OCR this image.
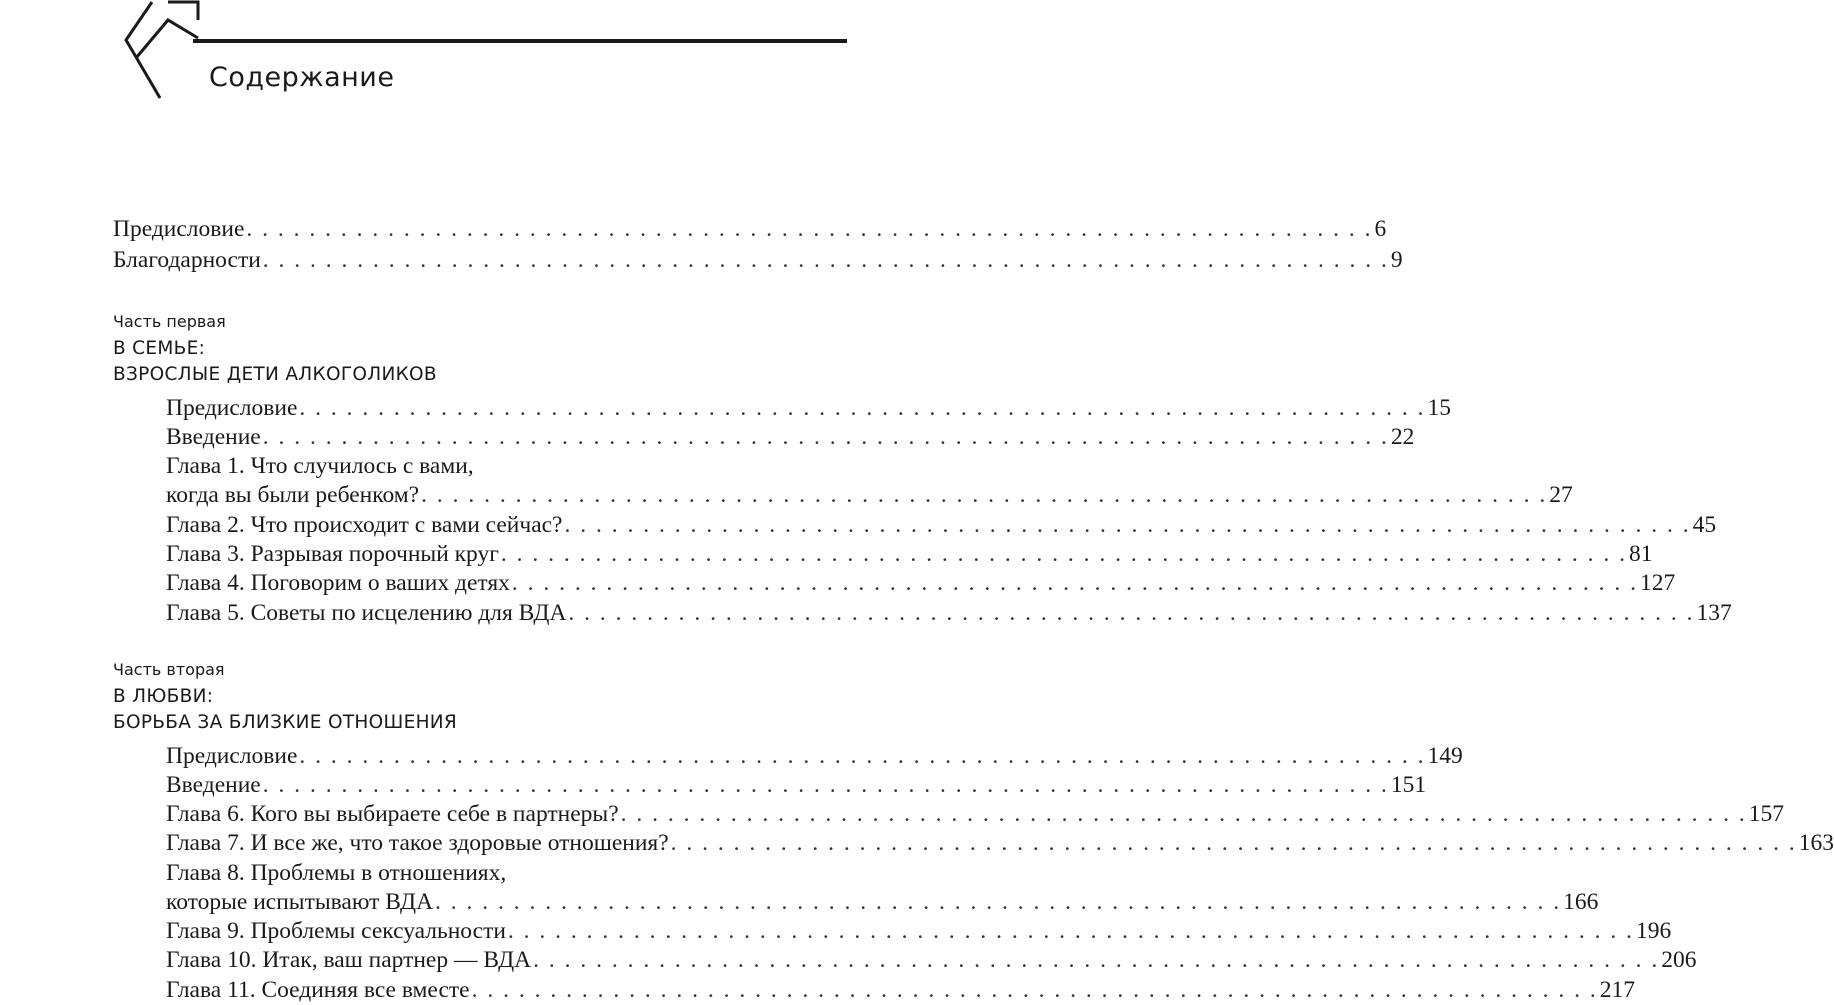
Содержание
Предисловие . . . . . . . . . . . . . . . . . . . . . . . . . . . . . . . . . . . . . . . . . . . . . . . . . . . . . . . . . . . . . . . . . . . . . . . . 6
Благодарности . . . . . . . . . . . . . . . . . . . . . . . . . . . . . . . . . . . . . . . . . . . . . . . . . . . . . . . . . . . . . . . . . . . . . . . . 9
Часть первая
В СЕМЬЕ:
ВЗРОСЛЫЕ ДЕТИ АЛКОГОЛИКОВ
Предисловие . . . . . . . . . . . . . . . . . . . . . . . . . . . . . . . . . . . . . . . . . . . . . . . . . . . . . . . . . . . . . . . . . . . . . . . . 15
Введение . . . . . . . . . . . . . . . . . . . . . . . . . . . . . . . . . . . . . . . . . . . . . . . . . . . . . . . . . . . . . . . . . . . . . . . . 22
Глава 1. Что случилось с вами,
когда вы были ребенком? . . . . . . . . . . . . . . . . . . . . . . . . . . . . . . . . . . . . . . . . . . . . . . . . . . . . . . . . . . . . . . . . . . . . . . . . 27
Глава 2. Что происходит с вами сейчас? . . . . . . . . . . . . . . . . . . . . . . . . . . . . . . . . . . . . . . . . . . . . . . . . . . . . . . . . . . . . . . . . . . . . . . . . 45
Глава 3. Разрывая порочный круг . . . . . . . . . . . . . . . . . . . . . . . . . . . . . . . . . . . . . . . . . . . . . . . . . . . . . . . . . . . . . . . . . . . . . . . . 81
Глава 4. Поговорим о ваших детях . . . . . . . . . . . . . . . . . . . . . . . . . . . . . . . . . . . . . . . . . . . . . . . . . . . . . . . . . . . . . . . . . . . . . . . . 127
Глава 5. Советы по исцелению для ВДА . . . . . . . . . . . . . . . . . . . . . . . . . . . . . . . . . . . . . . . . . . . . . . . . . . . . . . . . . . . . . . . . . . . . . . . . 137
Часть вторая
В ЛЮБВИ:
БОРЬБА ЗА БЛИЗКИЕ ОТНОШЕНИЯ
Предисловие . . . . . . . . . . . . . . . . . . . . . . . . . . . . . . . . . . . . . . . . . . . . . . . . . . . . . . . . . . . . . . . . . . . . . . . . 149
Введение . . . . . . . . . . . . . . . . . . . . . . . . . . . . . . . . . . . . . . . . . . . . . . . . . . . . . . . . . . . . . . . . . . . . . . . . 151
Глава 6. Кого вы выбираете себе в партнеры? . . . . . . . . . . . . . . . . . . . . . . . . . . . . . . . . . . . . . . . . . . . . . . . . . . . . . . . . . . . . . . . . . . . . . . . . 157
Глава 7. И все же, что такое здоровые отношения? . . . . . . . . . . . . . . . . . . . . . . . . . . . . . . . . . . . . . . . . . . . . . . . . . . . . . . . . . . . . . . . . . . . . . . . . 163
Глава 8. Проблемы в отношениях,
которые испытывают ВДА . . . . . . . . . . . . . . . . . . . . . . . . . . . . . . . . . . . . . . . . . . . . . . . . . . . . . . . . . . . . . . . . . . . . . . . . 166
Глава 9. Проблемы сексуальности . . . . . . . . . . . . . . . . . . . . . . . . . . . . . . . . . . . . . . . . . . . . . . . . . . . . . . . . . . . . . . . . . . . . . . . . 196
Глава 10. Итак, ваш партнер — ВДА . . . . . . . . . . . . . . . . . . . . . . . . . . . . . . . . . . . . . . . . . . . . . . . . . . . . . . . . . . . . . . . . . . . . . . . . 206
Глава 11. Соединяя все вместе . . . . . . . . . . . . . . . . . . . . . . . . . . . . . . . . . . . . . . . . . . . . . . . . . . . . . . . . . . . . . . . . . . . . . . . . 217
